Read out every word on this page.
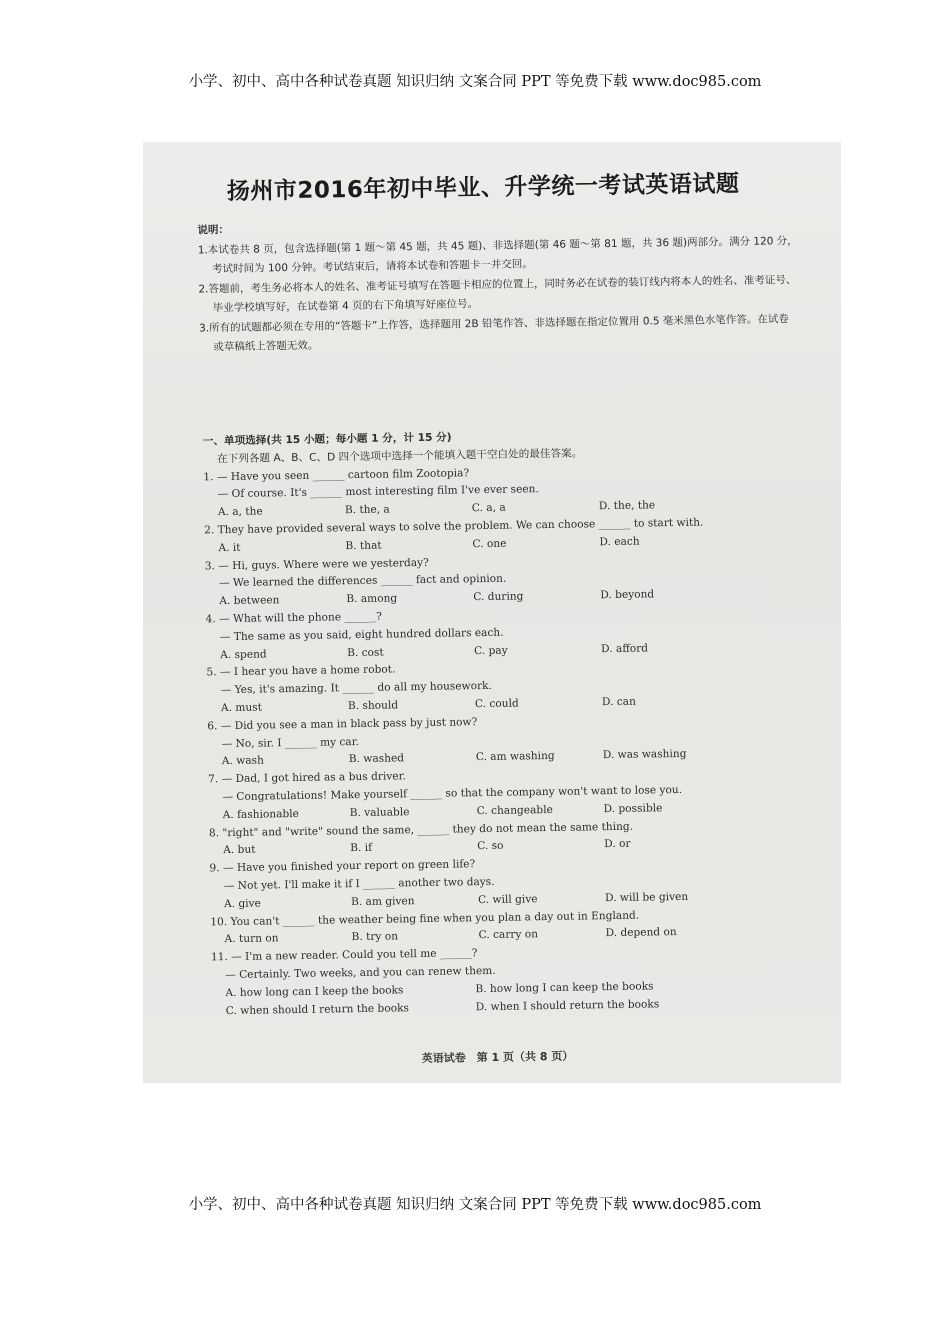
小学、初中、高中各种试卷真题 知识归纳 文案合同 PPT 等免费下载 www.doc985.com
扬州市2016年初中毕业、升学统一考试英语试题
说明：
1.本试卷共 8 页，包含选择题(第 1 题～第 45 题，共 45 题)、非选择题(第 46 题～第 81 题，共 36 题)两部分。满分 120 分，考试时间为 100 分钟。考试结束后，请将本试卷和答题卡一并交回。
2.答题前，考生务必将本人的姓名、准考证号填写在答题卡相应的位置上，同时务必在试卷的装订线内将本人的姓名、准考证号、毕业学校填写好，在试卷第 4 页的右下角填写好座位号。
3.所有的试题都必须在专用的“答题卡”上作答，选择题用 2B 铅笔作答、非选择题在指定位置用 0.5 毫米黑色水笔作答。在试卷或草稿纸上答题无效。
一、单项选择(共 15 小题；每小题 1 分，计 15 分)
在下列各题 A、B、C、D 四个选项中选择一个能填入题干空白处的最佳答案。
1. — Have you seen ______ cartoon film Zootopia?
— Of course. It's ______ most interesting film I've ever seen.
A. a, the	B. the, a	C. a, a	D. the, the
2. They have provided several ways to solve the problem. We can choose ______ to start with.
A. it	B. that	C. one	D. each
3. — Hi, guys. Where were we yesterday?
— We learned the differences ______ fact and opinion.
A. between	B. among	C. during	D. beyond
4. — What will the phone ______?
— The same as you said, eight hundred dollars each.
A. spend	B. cost	C. pay	D. afford
5. — I hear you have a home robot.
— Yes, it's amazing. It ______ do all my housework.
A. must	B. should	C. could	D. can
6. — Did you see a man in black pass by just now?
— No, sir. I ______ my car.
A. wash	B. washed	C. am washing	D. was washing
7. — Dad, I got hired as a bus driver.
— Congratulations! Make yourself ______ so that the company won't want to lose you.
A. fashionable	B. valuable	C. changeable	D. possible
8. "right" and "write" sound the same, ______ they do not mean the same thing.
A. but	B. if	C. so	D. or
9. — Have you finished your report on green life?
— Not yet. I'll make it if I ______ another two days.
A. give	B. am given	C. will give	D. will be given
10. You can't ______ the weather being fine when you plan a day out in England.
A. turn on	B. try on	C. carry on	D. depend on
11. — I'm a new reader. Could you tell me ______?
— Certainly. Two weeks, and you can renew them.
A. how long can I keep the books	B. how long I can keep the books
C. when should I return the books	D. when I should return the books
英语试卷　第 1 页（共 8 页）
小学、初中、高中各种试卷真题 知识归纳 文案合同 PPT 等免费下载 www.doc985.com
